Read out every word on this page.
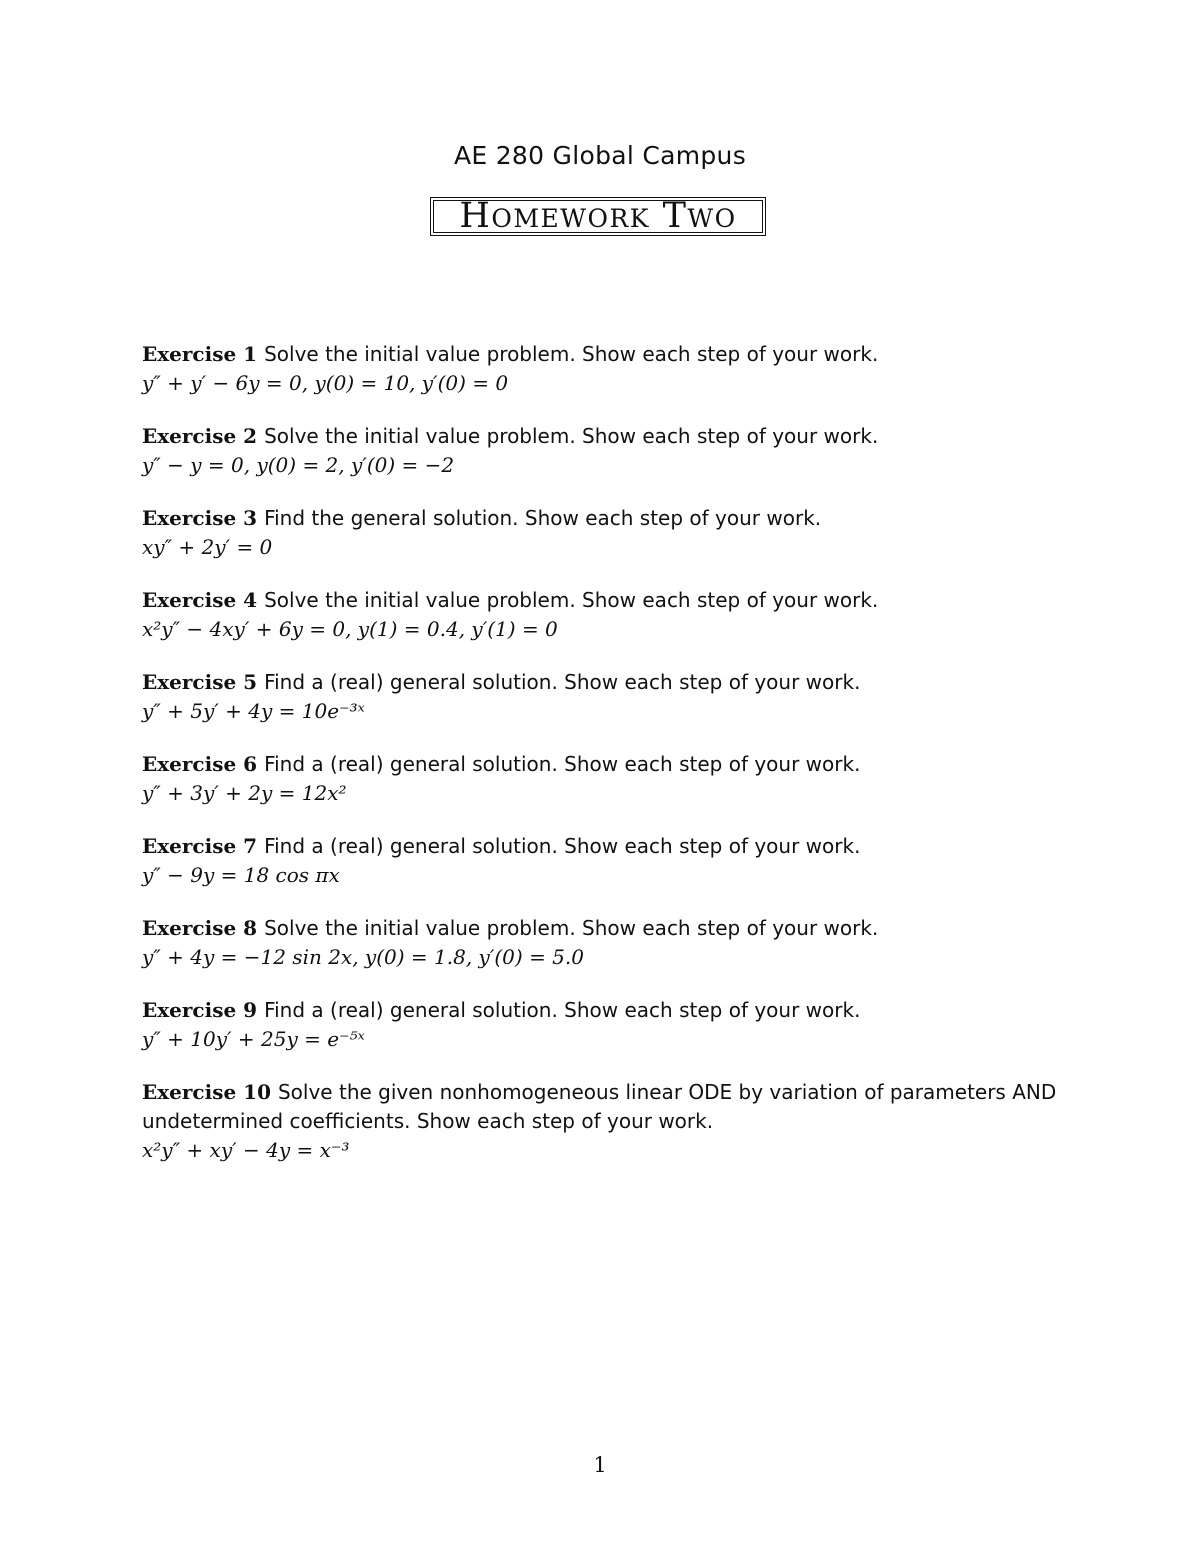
AE 280 Global Campus
Homework Two
Exercise 1 Solve the initial value problem. Show each step of your work.
y″ + y′ − 6y = 0, y(0) = 10, y′(0) = 0
Exercise 2 Solve the initial value problem. Show each step of your work.
y″ − y = 0, y(0) = 2, y′(0) = −2
Exercise 3 Find the general solution. Show each step of your work.
xy″ + 2y′ = 0
Exercise 4 Solve the initial value problem. Show each step of your work.
x²y″ − 4xy′ + 6y = 0, y(1) = 0.4, y′(1) = 0
Exercise 5 Find a (real) general solution. Show each step of your work.
y″ + 5y′ + 4y = 10e⁻³ˣ
Exercise 6 Find a (real) general solution. Show each step of your work.
y″ + 3y′ + 2y = 12x²
Exercise 7 Find a (real) general solution. Show each step of your work.
y″ − 9y = 18 cos πx
Exercise 8 Solve the initial value problem. Show each step of your work.
y″ + 4y = −12 sin 2x, y(0) = 1.8, y′(0) = 5.0
Exercise 9 Find a (real) general solution. Show each step of your work.
y″ + 10y′ + 25y = e⁻⁵ˣ
Exercise 10 Solve the given nonhomogeneous linear ODE by variation of parameters AND undetermined coefficients. Show each step of your work.
x²y″ + xy′ − 4y = x⁻³
1
